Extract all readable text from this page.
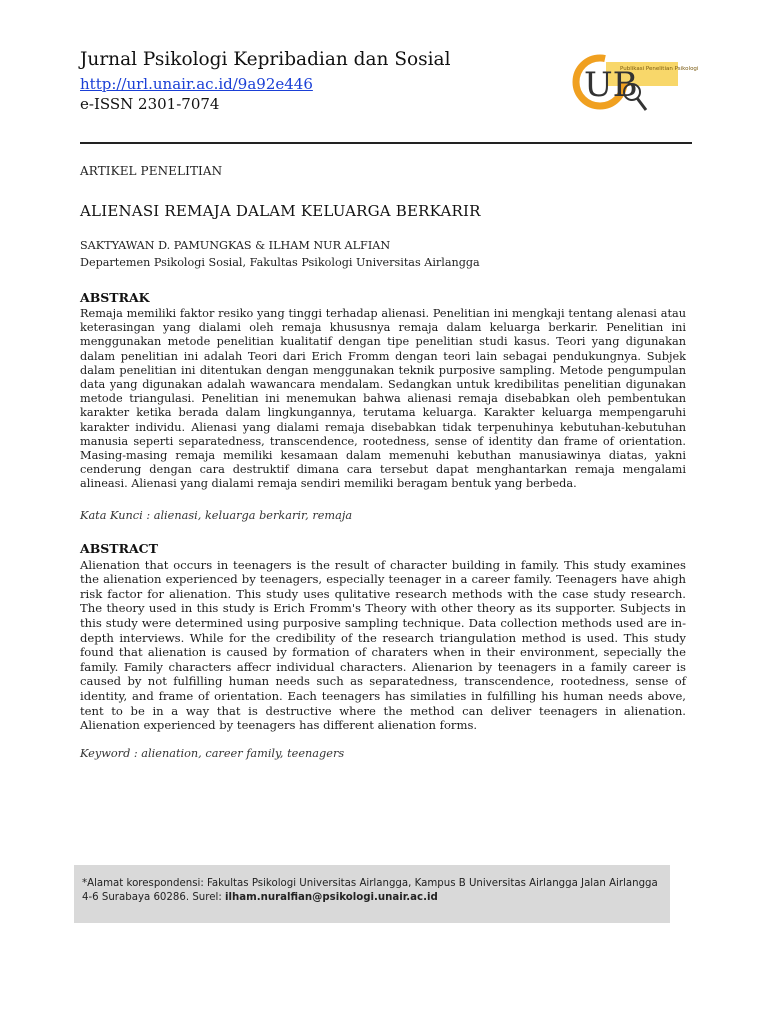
Jurnal Psikologi Kepribadian dan Sosial
http://url.unair.ac.id/9a92e446
e-ISSN 2301-7074	UB
Publikasi Penelitian Psikologi
ARTIKEL PENELITIAN
ALIENASI REMAJA DALAM KELUARGA BERKARIR
SAKTYAWAN D. PAMUNGKAS & ILHAM NUR ALFIAN
Departemen Psikologi Sosial, Fakultas Psikologi Universitas Airlangga
ABSTRAK

Remaja memiliki faktor resiko yang tinggi terhadap alienasi. Penelitian ini mengkaji tentang alenasi atau keterasingan yang dialami oleh remaja khususnya remaja dalam keluarga berkarir. Penelitian ini menggunakan metode penelitian kualitatif dengan tipe penelitian studi kasus. Teori yang digunakan dalam penelitian ini adalah Teori dari Erich Fromm dengan teori lain sebagai pendukungnya. Subjek dalam penelitian ini ditentukan dengan menggunakan teknik purposive sampling. Metode pengumpulan data yang digunakan adalah wawancara mendalam. Sedangkan untuk kredibilitas penelitian digunakan metode triangulasi. Penelitian ini menemukan bahwa alienasi remaja disebabkan oleh pembentukan karakter ketika berada dalam lingkungannya, terutama keluarga. Karakter keluarga mempengaruhi karakter individu. Alienasi yang dialami remaja disebabkan tidak terpenuhinya kebutuhan-kebutuhan manusia seperti separatedness, transcendence, rootedness, sense of identity dan frame of orientation. Masing-masing remaja memiliki kesamaan dalam memenuhi kebuthan manusiawinya diatas, yakni cenderung dengan cara destruktif dimana cara tersebut dapat menghantarkan remaja mengalami alineasi. Alienasi yang dialami remaja sendiri memiliki beragam bentuk yang berbeda.

Kata Kunci : alienasi, keluarga berkarir, remaja
ABSTRACT

Alienation that occurs in teenagers is the result of character building in family. This study examines the alienation experienced by teenagers, especially teenager in a career family. Teenagers have ahigh risk factor for alienation. This study uses qulitative research methods with the case study research. The theory used in this study is Erich Fromm's Theory with other theory as its supporter. Subjects in this study were determined using purposive sampling technique. Data collection methods used are in-depth interviews. While for the credibility of the research triangulation method is used. This study found that alienation is caused by formation of charaters when in their environment, sepecially the family. Family characters affecr individual characters. Alienarion by teenagers in a family career is caused by not fulfilling human needs such as separatedness, transcendence, rootedness, sense of identity, and frame of orientation. Each teenagers has similaties in fulfilling his human needs above, tent to be in a way that is destructive where the method can deliver teenagers in alienation. Alienation experienced by teenagers has different alienation forms.

Keyword : alienation, career family, teenagers
*Alamat korespondensi: Fakultas Psikologi Universitas Airlangga, Kampus B Universitas Airlangga Jalan Airlangga 4-6 Surabaya 60286. Surel: ilham.nuralfian@psikologi.unair.ac.id
